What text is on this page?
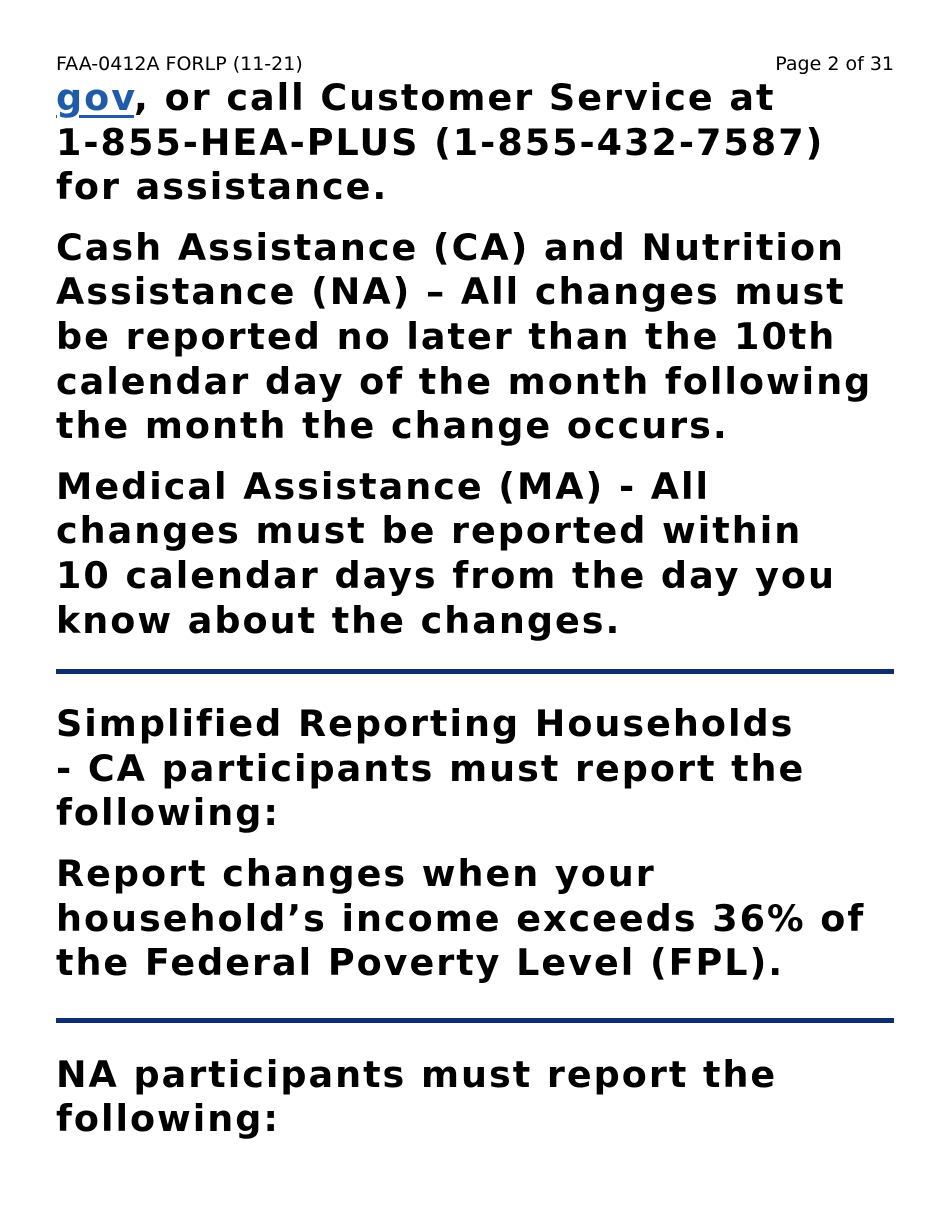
FAA-0412A FORLP (11-21)	Page 2 of 31

gov, or call Customer Service at
1-855-HEA-PLUS (1-855-432-7587)
for assistance.

Cash Assistance (CA) and Nutrition
Assistance (NA) – All changes must
be reported no later than the 10th
calendar day of the month following
the month the change occurs.

Medical Assistance (MA) - All
changes must be reported within
10 calendar days from the day you
know about the changes.

Simplified Reporting Households
- CA participants must report the
following:

Report changes when your
household’s income exceeds 36% of
the Federal Poverty Level (FPL).

NA participants must report the
following:
